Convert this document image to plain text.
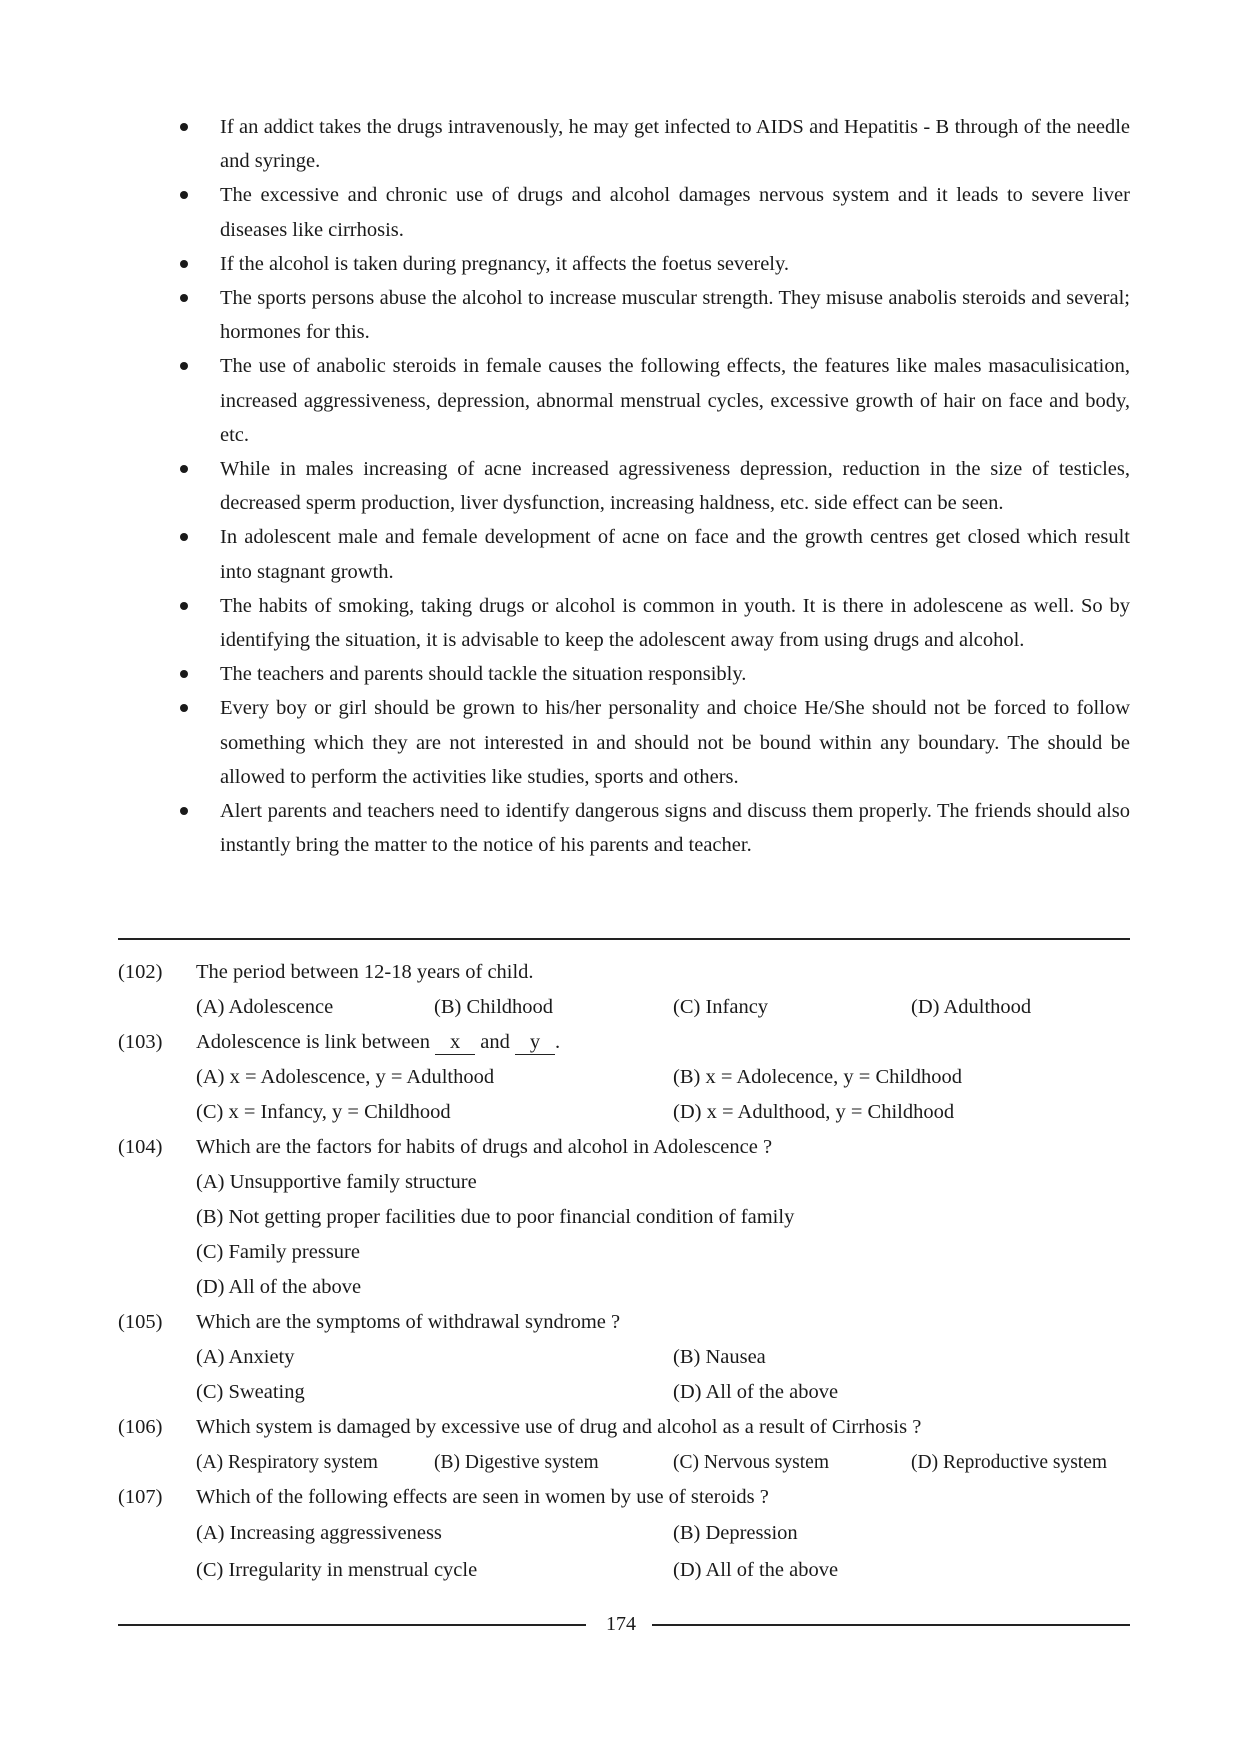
If an addict takes the drugs intravenously, he may get infected to AIDS and Hepatitis - B through of the needle and syringe.
The excessive and chronic use of drugs and alcohol damages nervous system and it leads to severe liver diseases like cirrhosis.
If the alcohol is taken during pregnancy, it affects the foetus severely.
The sports persons abuse the alcohol to increase muscular strength. They misuse anabolis steroids and several; hormones for this.
The use of anabolic steroids in female causes the following effects, the features like males masaculisication, increased aggressiveness, depression, abnormal menstrual cycles, excessive growth of hair on face and body, etc.
While in males increasing of acne increased agressiveness depression, reduction in the size of testicles, decreased sperm production, liver dysfunction, increasing haldness, etc. side effect can be seen.
In adolescent male and female development of acne on face and the growth centres get closed which result into stagnant growth.
The habits of smoking, taking drugs or alcohol is common in youth. It is there in adolescene as well. So by identifying the situation, it is advisable to keep the adolescent away from using drugs and alcohol.
The teachers and parents should tackle the situation responsibly.
Every boy or girl should be grown to his/her personality and choice He/She should not be forced to follow something which they are not interested in and should not be bound within any boundary. The should be allowed to perform the activities like studies, sports and others.
Alert parents and teachers need to identify dangerous signs and discuss them properly. The friends should also instantly bring the matter to the notice of his parents and teacher.
(102)	The period between 12-18 years of child.
(A) Adolescence	(B) Childhood	(C) Infancy	(D) Adulthood
(103)	Adolescence is link between x and y .
(A) x = Adolescence, y = Adulthood	(B) x = Adolecence, y = Childhood
(C) x = Infancy, y = Childhood	(D) x = Adulthood, y = Childhood
(104)	Which are the factors for habits of drugs and alcohol in Adolescence ?
(A) Unsupportive family structure
(B) Not getting proper facilities due to poor financial condition of family
(C) Family pressure
(D) All of the above
(105)	Which are the symptoms of withdrawal syndrome ?
(A) Anxiety	(B) Nausea
(C) Sweating	(D) All of the above
(106)	Which system is damaged by excessive use of drug and alcohol as a result of Cirrhosis ?
(A) Respiratory system	(B) Digestive system	(C) Nervous system	(D) Reproductive system
(107)	Which of the following effects are seen in women by use of steroids ?
(A) Increasing aggressiveness	(B) Depression
(C) Irregularity in menstrual cycle	(D) All of the above
174
